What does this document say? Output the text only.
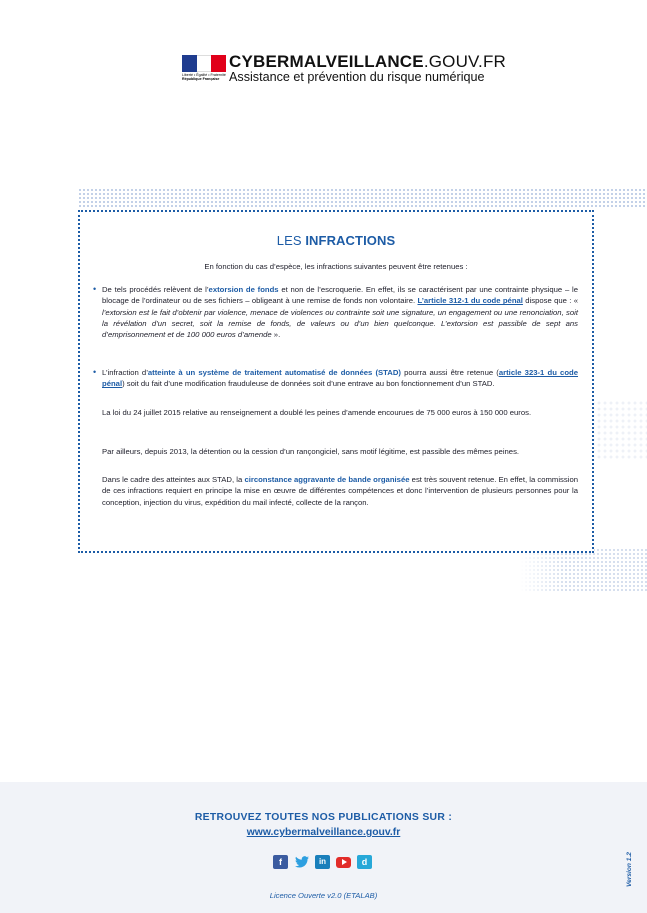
Liberté • Égalité • Fraternité
République Française
CYBERMALVEILLANCE.GOUV.FR
Assistance et prévention du risque numérique
LES INFRACTIONS
En fonction du cas d’espèce, les infractions suivantes peuvent être retenues :
• De tels procédés relèvent de l’extorsion de fonds et non de l’escroquerie. En effet, ils se caractérisent par une contrainte physique – le blocage de l’ordinateur ou de ses fichiers – obligeant à une remise de fonds non volontaire. L’article 312-1 du code pénal dispose que : « l’extorsion est le fait d’obtenir par violence, menace de violences ou contrainte soit une signature, un engagement ou une renonciation, soit la révélation d’un secret, soit la remise de fonds, de valeurs ou d’un bien quelconque. L’extorsion est passible de sept ans d’emprisonnement et de 100 000 euros d’amende ».
• L’infraction d’atteinte à un système de traitement automatisé de données (STAD) pourra aussi être retenue (article 323-1 du code pénal) soit du fait d’une modification frauduleuse de données soit d’une entrave au bon fonctionnement d’un STAD.
La loi du 24 juillet 2015 relative au renseignement a doublé les peines d’amende encourues de 75 000 euros à 150 000 euros.
Par ailleurs, depuis 2013, la détention ou la cession d’un rançongiciel, sans motif légitime, est passible des mêmes peines.
Dans le cadre des atteintes aux STAD, la circonstance aggravante de bande organisée est très souvent retenue. En effet, la commission de ces infractions requiert en principe la mise en œuvre de différentes compétences et donc l’intervention de plusieurs personnes pour la conception, injection du virus, expédition du mail infecté, collecte de la rançon.
RETROUVEZ TOUTES NOS PUBLICATIONS SUR :
www.cybermalveillance.gouv.fr
f	in	d
Licence Ouverte v2.0 (ETALAB)
Version 1.2
